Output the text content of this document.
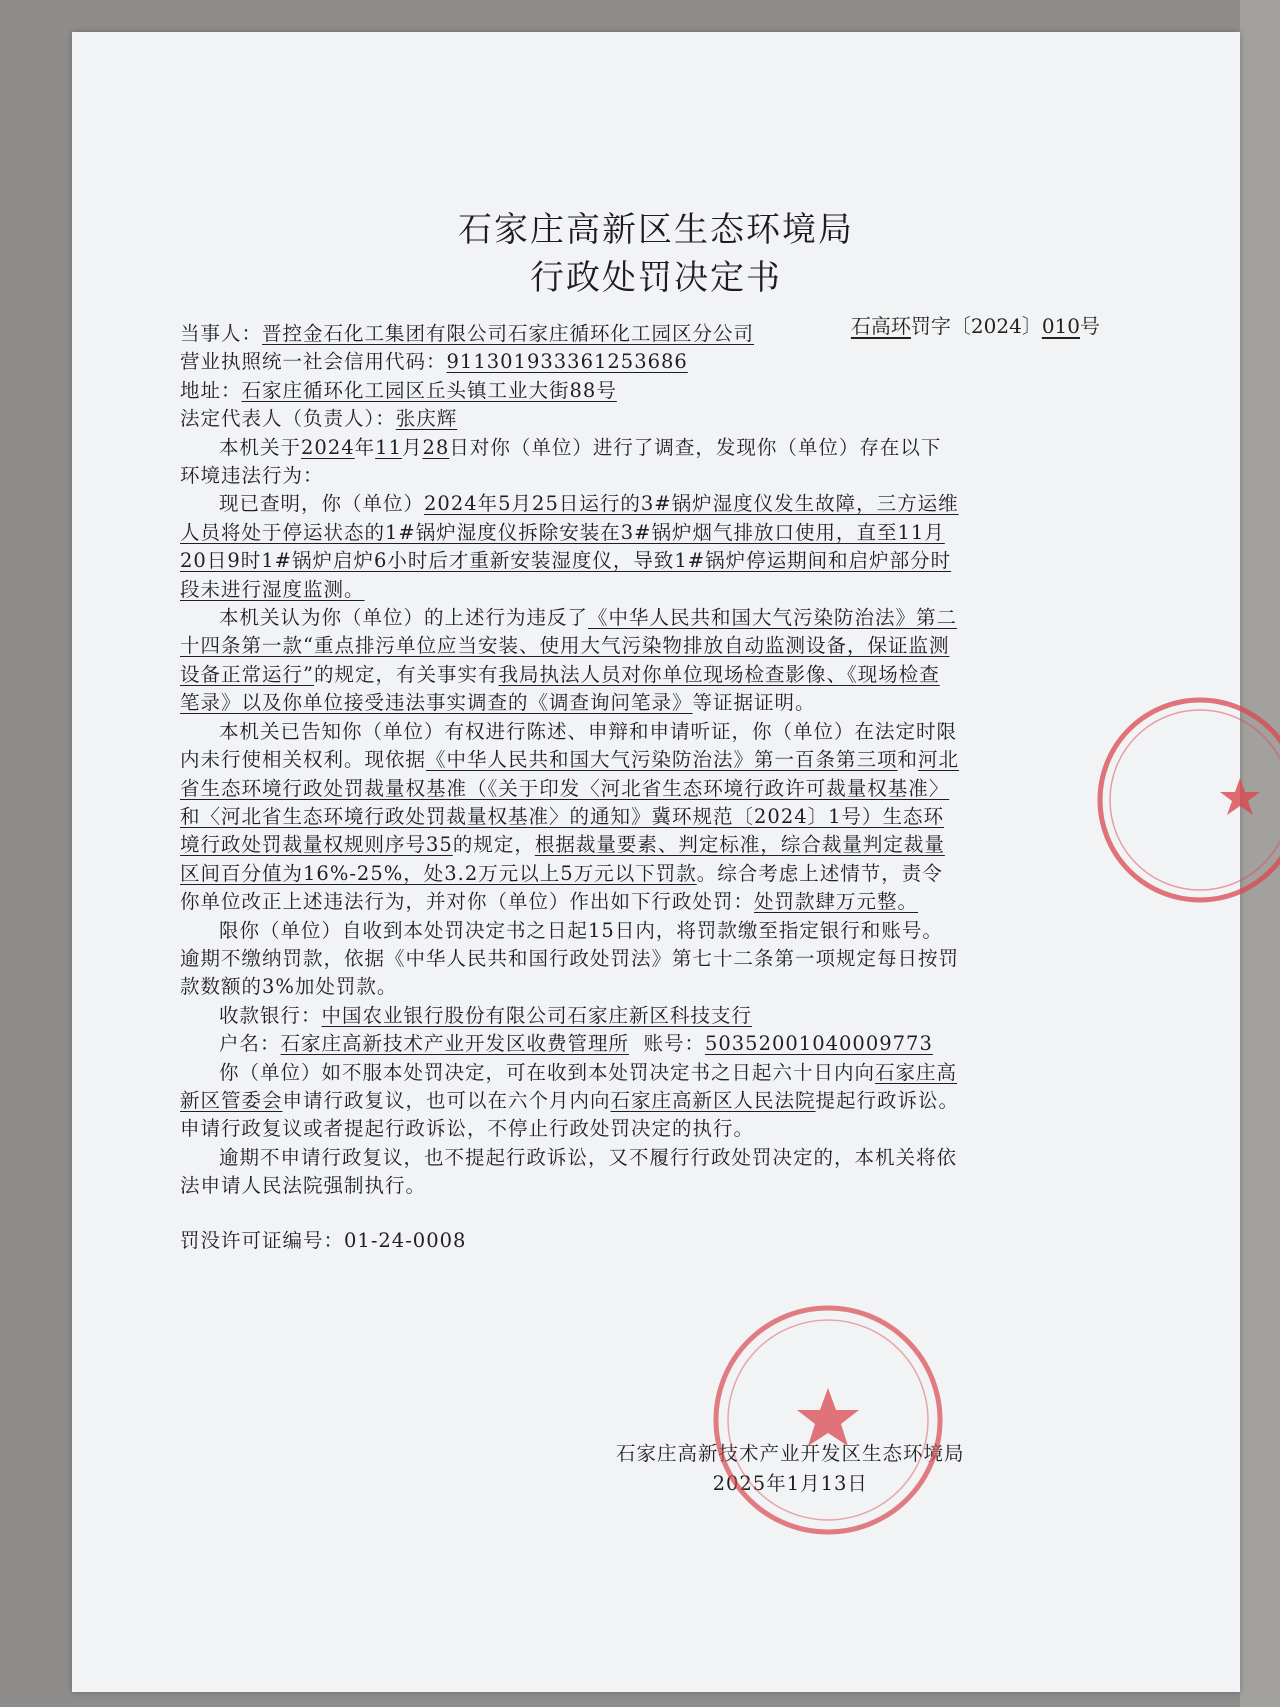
石家庄高新区生态环境局
行政处罚决定书
石高环罚字〔2024〕010号

当事人：晋控金石化工集团有限公司石家庄循环化工园区分公司

营业执照统一社会信用代码：911301933361253686

地址：石家庄循环化工园区丘头镇工业大街88号

法定代表人（负责人）：张庆辉

本机关于2024年11月28日对你（单位）进行了调查，发现你（单位）存在以下环境违法行为：

现已查明，你（单位）2024年5月25日运行的3#锅炉湿度仪发生故障，三方运维人员将处于停运状态的1#锅炉湿度仪拆除安装在3#锅炉烟气排放口使用，直至11月20日9时1#锅炉启炉6小时后才重新安装湿度仪，导致1#锅炉停运期间和启炉部分时段未进行湿度监测。

本机关认为你（单位）的上述行为违反了《中华人民共和国大气污染防治法》第二十四条第一款“重点排污单位应当安装、使用大气污染物排放自动监测设备，保证监测设备正常运行”的规定，有关事实有我局执法人员对你单位现场检查影像、《现场检查笔录》以及你单位接受违法事实调查的《调查询问笔录》等证据证明。

本机关已告知你（单位）有权进行陈述、申辩和申请听证，你（单位）在法定时限内未行使相关权利。现依据《中华人民共和国大气污染防治法》第一百条第三项和河北省生态环境行政处罚裁量权基准（《关于印发〈河北省生态环境行政许可裁量权基准〉和〈河北省生态环境行政处罚裁量权基准〉的通知》冀环规范〔2024〕1号）生态环境行政处罚裁量权规则序号35的规定，根据裁量要素、判定标准，综合裁量判定裁量区间百分值为16%-25%，处3.2万元以上5万元以下罚款。综合考虑上述情节，责令你单位改正上述违法行为，并对你（单位）作出如下行政处罚：处罚款肆万元整。

限你（单位）自收到本处罚决定书之日起15日内，将罚款缴至指定银行和账号。逾期不缴纳罚款，依据《中华人民共和国行政处罚法》第七十二条第一项规定每日按罚款数额的3%加处罚款。

收款银行：中国农业银行股份有限公司石家庄新区科技支行

户名：石家庄高新技术产业开发区收费管理所 账号：50352001040009773

你（单位）如不服本处罚决定，可在收到本处罚决定书之日起六十日内向石家庄高新区管委会申请行政复议，也可以在六个月内向石家庄高新区人民法院提起行政诉讼。申请行政复议或者提起行政诉讼，不停止行政处罚决定的执行。

逾期不申请行政复议，也不提起行政诉讼，又不履行行政处罚决定的，本机关将依法申请人民法院强制执行。

罚没许可证编号：01-24-0008

石家庄高新技术产业开发区生态环境局
2025年1月13日
